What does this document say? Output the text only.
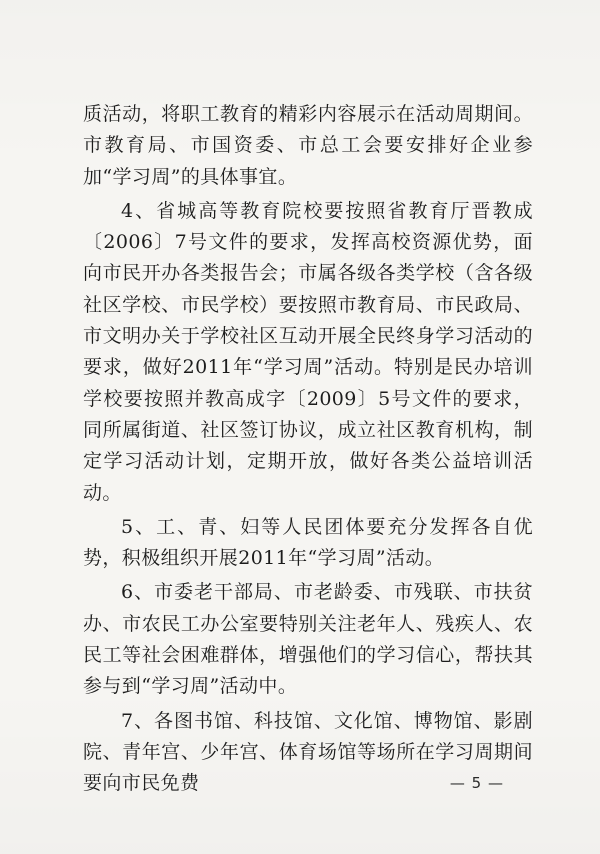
质活动，将职工教育的精彩内容展示在活动周期间。市教育局、市国资委、市总工会要安排好企业参加“学习周”的具体事宜。

4、省城高等教育院校要按照省教育厅晋教成〔2006〕7号文件的要求，发挥高校资源优势，面向市民开办各类报告会；市属各级各类学校（含各级社区学校、市民学校）要按照市教育局、市民政局、市文明办关于学校社区互动开展全民终身学习活动的要求，做好2011年“学习周”活动。特别是民办培训学校要按照并教高成字〔2009〕5号文件的要求，同所属街道、社区签订协议，成立社区教育机构，制定学习活动计划，定期开放，做好各类公益培训活动。

5、工、青、妇等人民团体要充分发挥各自优势，积极组织开展2011年“学习周”活动。

6、市委老干部局、市老龄委、市残联、市扶贫办、市农民工办公室要特别关注老年人、残疾人、农民工等社会困难群体，增强他们的学习信心，帮扶其参与到“学习周”活动中。

7、各图书馆、科技馆、文化馆、博物馆、影剧院、青年宫、少年宫、体育场馆等场所在学习周期间要向市民免费	— 5 —
